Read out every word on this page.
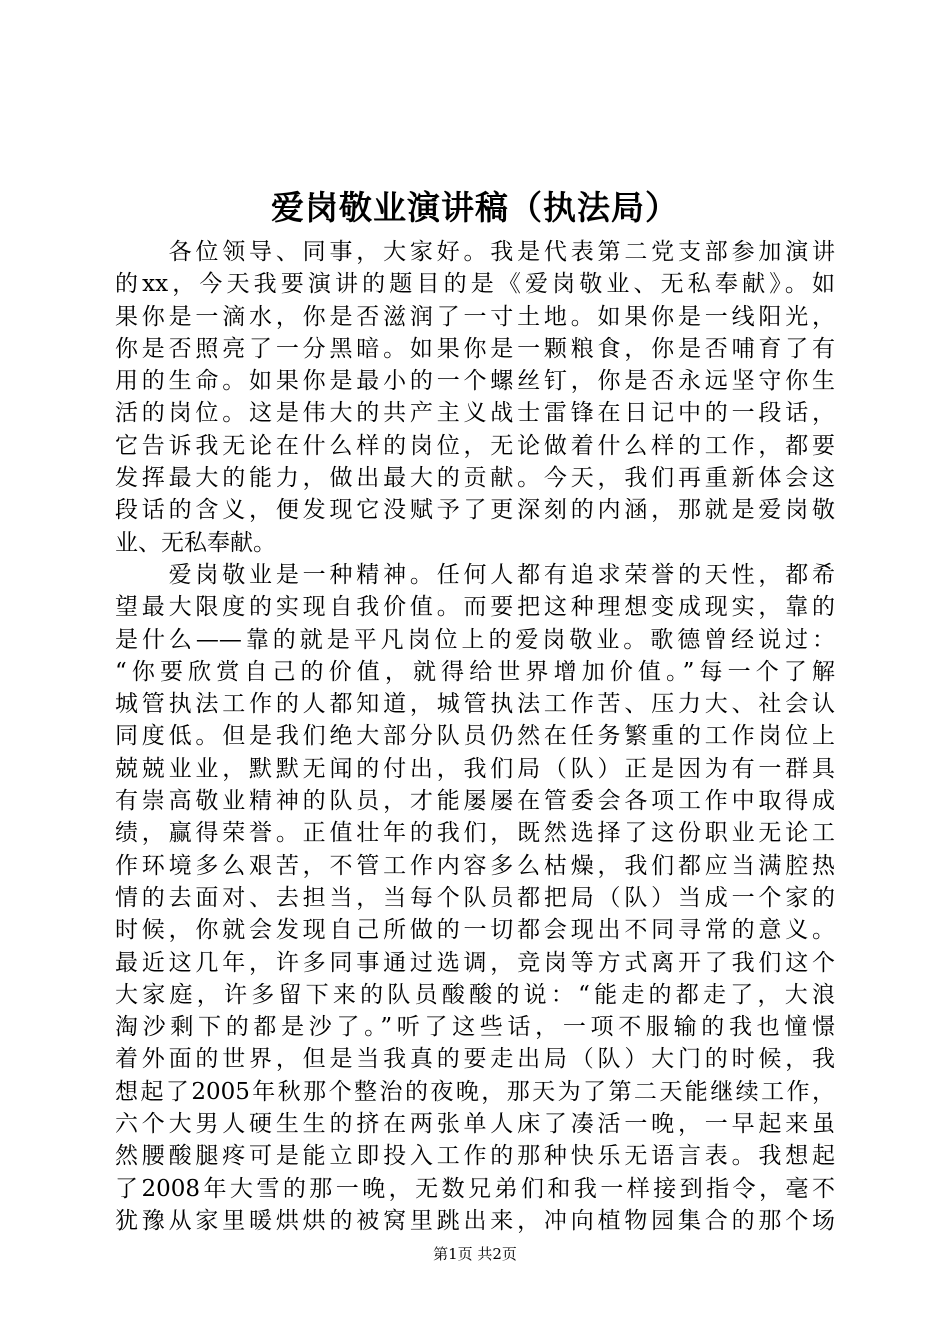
爱岗敬业演讲稿（执法局）
　　各位领导、同事，大家好。我是代表第二党支部参加演讲
的xx，今天我要演讲的题目的是《爱岗敬业、无私奉献》。如
果你是一滴水，你是否滋润了一寸土地。如果你是一线阳光，
你是否照亮了一分黑暗。如果你是一颗粮食，你是否哺育了有
用的生命。如果你是最小的一个螺丝钉，你是否永远坚守你生
活的岗位。这是伟大的共产主义战士雷锋在日记中的一段话，
它告诉我无论在什么样的岗位，无论做着什么样的工作，都要
发挥最大的能力，做出最大的贡献。今天，我们再重新体会这
段话的含义，便发现它没赋予了更深刻的内涵，那就是爱岗敬
业、无私奉献。
　　爱岗敬业是一种精神。任何人都有追求荣誉的天性，都希
望最大限度的实现自我价值。而要把这种理想变成现实，靠的
是什么——靠的就是平凡岗位上的爱岗敬业。歌德曾经说过：
“你要欣赏自己的价值，就得给世界增加价值。”每一个了解
城管执法工作的人都知道，城管执法工作苦、压力大、社会认
同度低。但是我们绝大部分队员仍然在任务繁重的工作岗位上
兢兢业业，默默无闻的付出，我们局（队）正是因为有一群具
有崇高敬业精神的队员，才能屡屡在管委会各项工作中取得成
绩，赢得荣誉。正值壮年的我们，既然选择了这份职业无论工
作环境多么艰苦，不管工作内容多么枯燥，我们都应当满腔热
情的去面对、去担当，当每个队员都把局（队）当成一个家的
时候，你就会发现自己所做的一切都会现出不同寻常的意义。
最近这几年，许多同事通过选调，竞岗等方式离开了我们这个
大家庭，许多留下来的队员酸酸的说：“能走的都走了，大浪
淘沙剩下的都是沙了。”听了这些话，一项不服输的我也憧憬
着外面的世界，但是当我真的要走出局（队）大门的时候，我
想起了2005年秋那个整治的夜晚，那天为了第二天能继续工作，
六个大男人硬生生的挤在两张单人床了凑活一晚，一早起来虽
然腰酸腿疼可是能立即投入工作的那种快乐无语言表。我想起
了2008年大雪的那一晚，无数兄弟们和我一样接到指令，毫不
犹豫从家里暖烘烘的被窝里跳出来，冲向植物园集合的那个场
第1页 共2页
